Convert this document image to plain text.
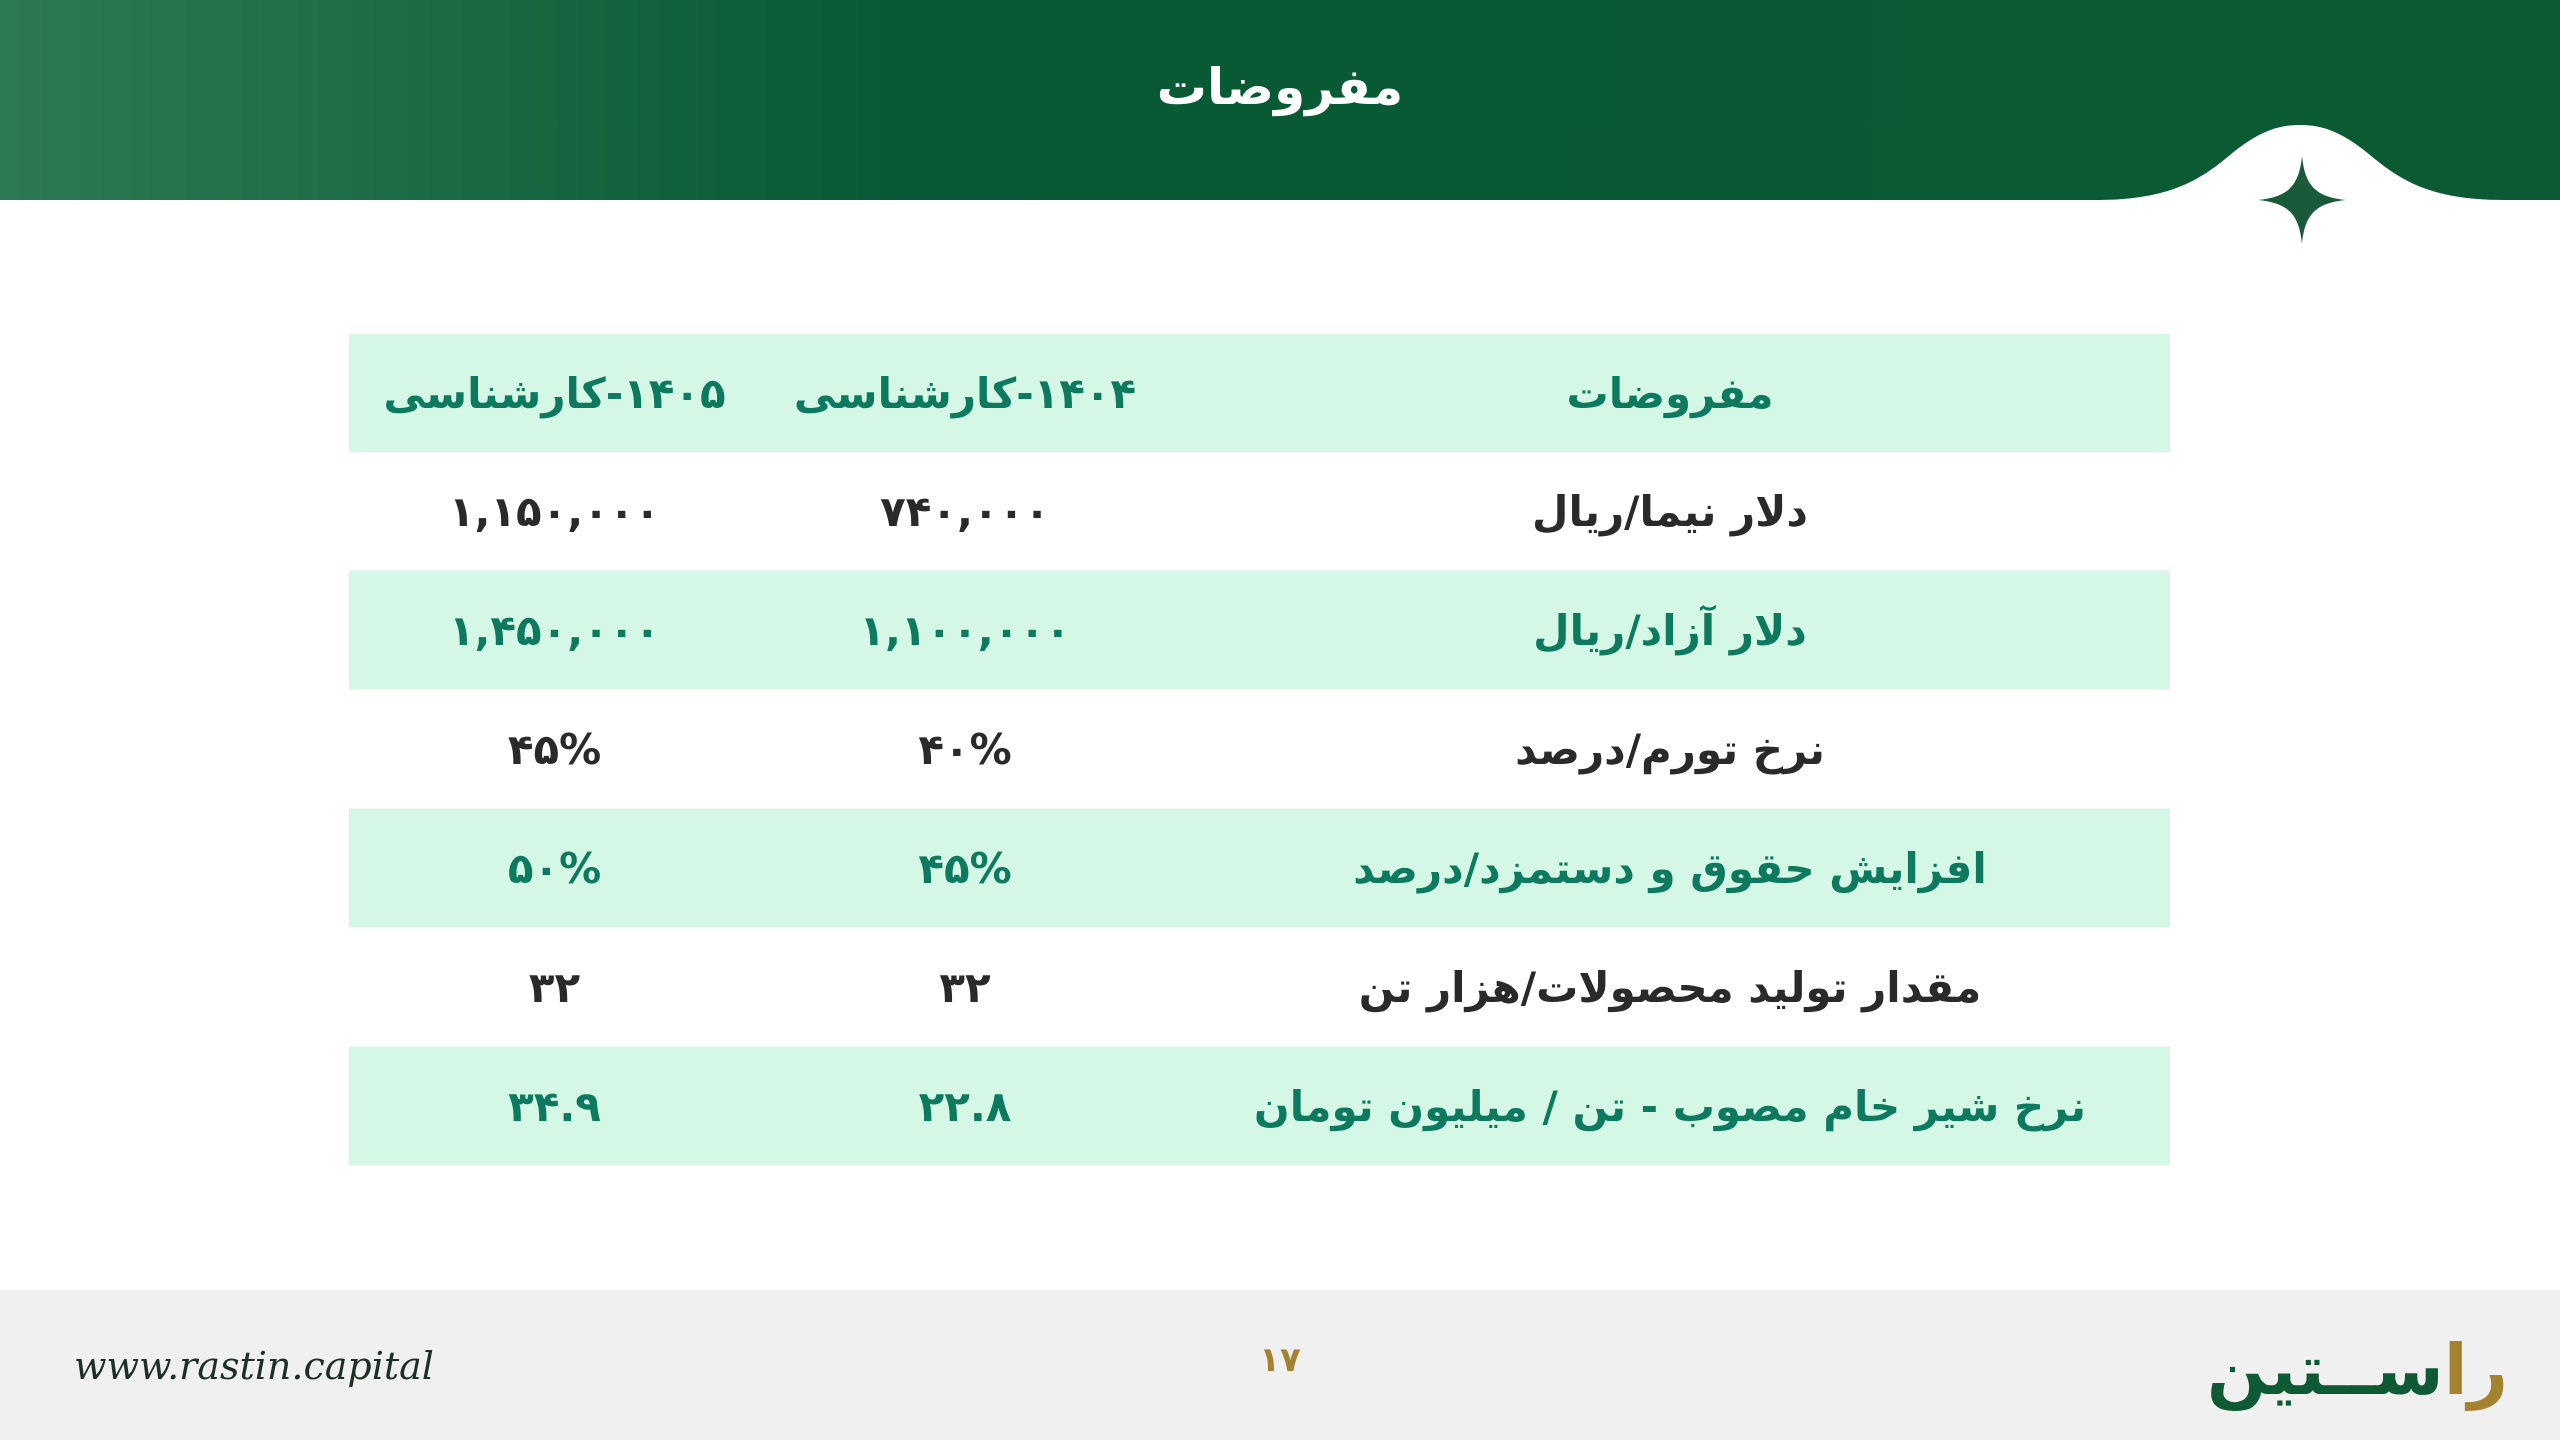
مفروضات
مفروضات	۱۴۰۴-کارشناسی	۱۴۰۵-کارشناسی
دلار نیما/ریال	۷۴۰,۰۰۰	۱,۱۵۰,۰۰۰
دلار آزاد/ریال	۱,۱۰۰,۰۰۰	۱,۴۵۰,۰۰۰
نرخ تورم/درصد	۴۰%	۴۵%
افزایش حقوق و دستمزد/درصد	۴۵%	۵۰%
مقدار تولید محصولات/هزار تن	۳۲	۳۲
نرخ شیر خام مصوب - تن / میلیون تومان	۲۲.۸	۳۴.۹
www.rastin.capital	۱۷	راســتین
